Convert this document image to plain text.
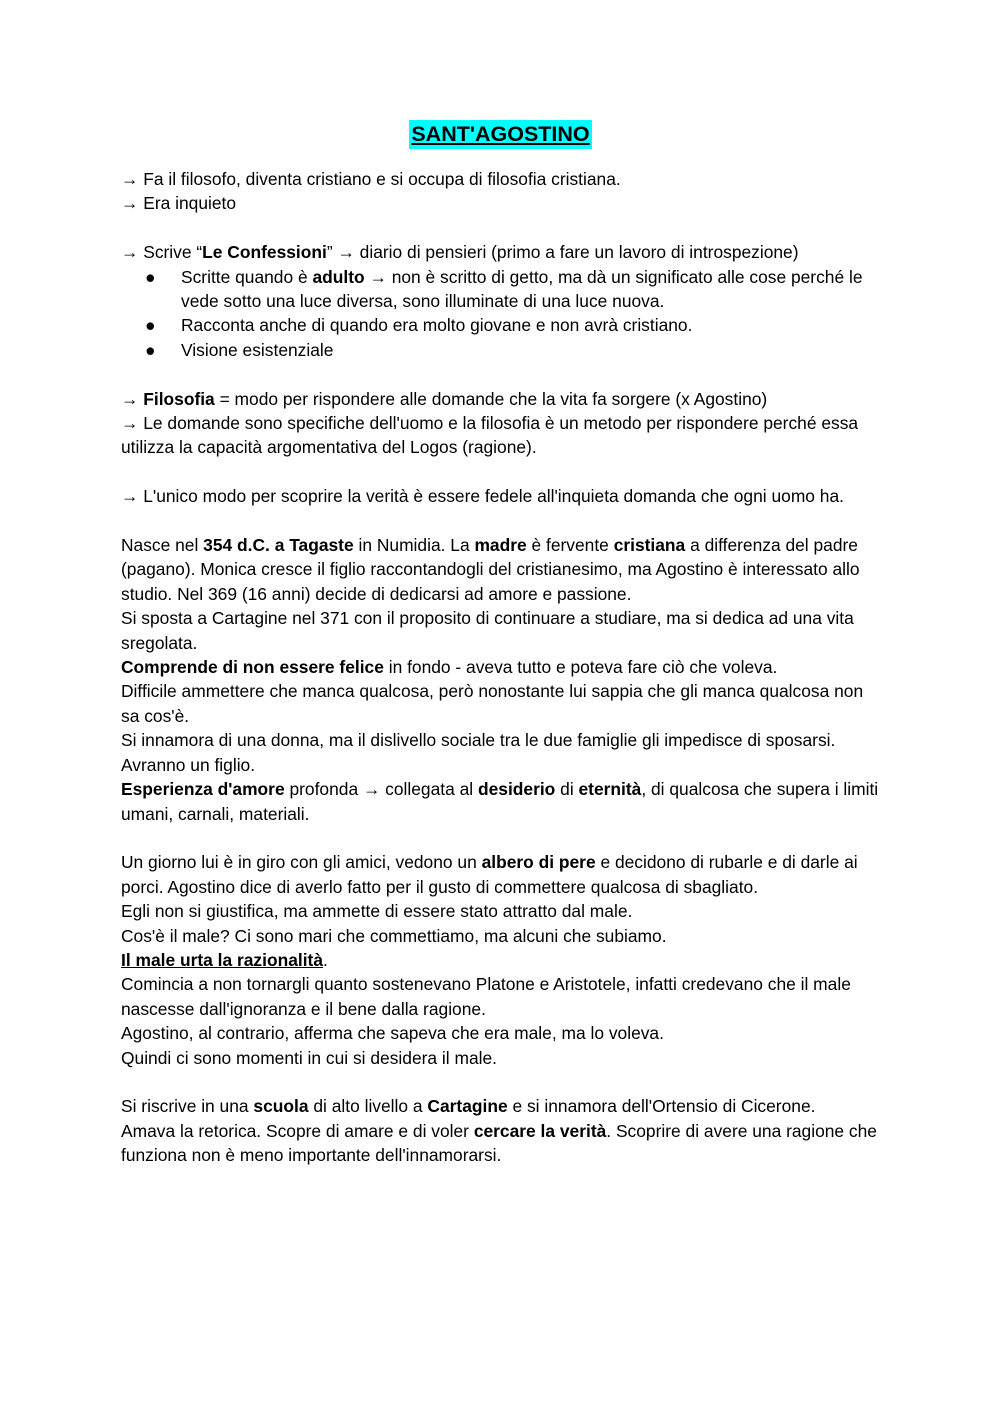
SANT'AGOSTINO

→ Fa il filosofo, diventa cristiano e si occupa di filosofia cristiana.

→ Era inquieto

→ Scrive “Le Confessioni” → diario di pensieri (primo a fare un lavoro di introspezione)

● Scritte quando è adulto → non è scritto di getto, ma dà un significato alle cose perché le vede sotto una luce diversa, sono illuminate di una luce nuova.
● Racconta anche di quando era molto giovane e non avrà cristiano.
● Visione esistenziale

→ Filosofia = modo per rispondere alle domande che la vita fa sorgere (x Agostino)

→ Le domande sono specifiche dell'uomo e la filosofia è un metodo per rispondere perché essa utilizza la capacità argomentativa del Logos (ragione).

→ L'unico modo per scoprire la verità è essere fedele all'inquieta domanda che ogni uomo ha.

Nasce nel 354 d.C. a Tagaste in Numidia. La madre è fervente cristiana a differenza del padre (pagano). Monica cresce il figlio raccontandogli del cristianesimo, ma Agostino è interessato allo studio. Nel 369 (16 anni) decide di dedicarsi ad amore e passione.

Si sposta a Cartagine nel 371 con il proposito di continuare a studiare, ma si dedica ad una vita sregolata.

Comprende di non essere felice in fondo - aveva tutto e poteva fare ciò che voleva.

Difficile ammettere che manca qualcosa, però nonostante lui sappia che gli manca qualcosa non sa cos'è.

Si innamora di una donna, ma il dislivello sociale tra le due famiglie gli impedisce di sposarsi. Avranno un figlio.

Esperienza d'amore profonda → collegata al desiderio di eternità, di qualcosa che supera i limiti umani, carnali, materiali.

Un giorno lui è in giro con gli amici, vedono un albero di pere e decidono di rubarle e di darle ai porci. Agostino dice di averlo fatto per il gusto di commettere qualcosa di sbagliato.

Egli non si giustifica, ma ammette di essere stato attratto dal male.

Cos'è il male? Ci sono mari che commettiamo, ma alcuni che subiamo.

Il male urta la razionalità.

Comincia a non tornargli quanto sostenevano Platone e Aristotele, infatti credevano che il male nascesse dall'ignoranza e il bene dalla ragione.

Agostino, al contrario, afferma che sapeva che era male, ma lo voleva.

Quindi ci sono momenti in cui si desidera il male.

Si riscrive in una scuola di alto livello a Cartagine e si innamora dell'Ortensio di Cicerone.

Amava la retorica. Scopre di amare e di voler cercare la verità. Scoprire di avere una ragione che funziona non è meno importante dell'innamorarsi.
